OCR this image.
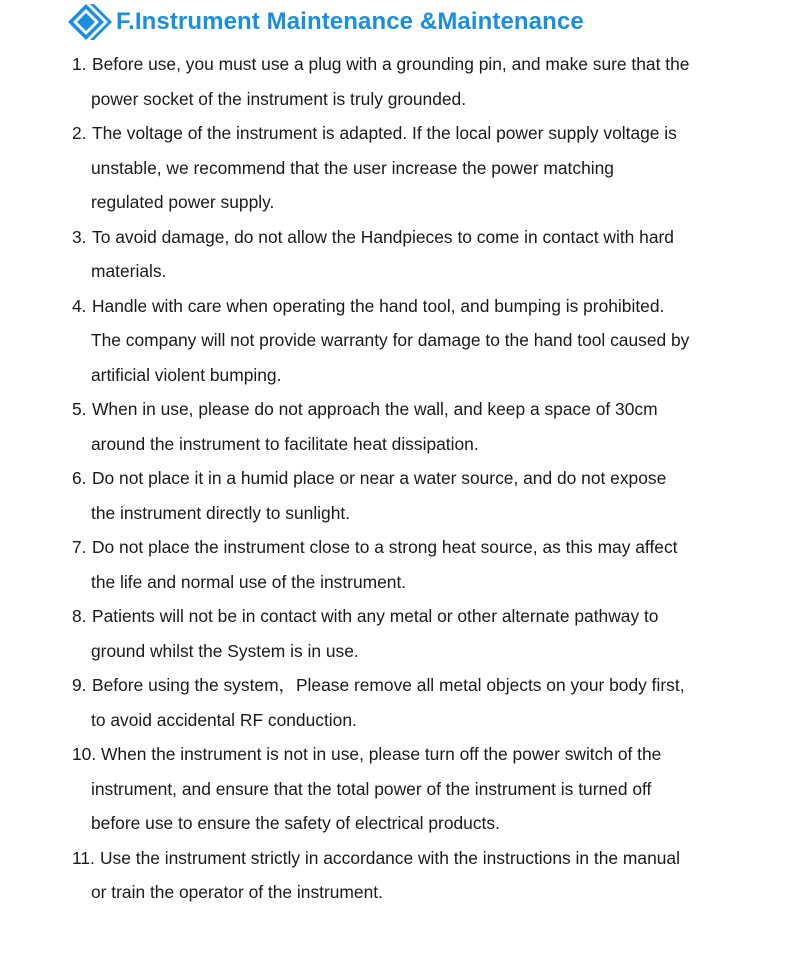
F.Instrument Maintenance &Maintenance
1. Before use, you must use a plug with a grounding pin, and make sure that the
power socket of the instrument is truly grounded.
2. The voltage of the instrument is adapted. If the local power supply voltage is
unstable, we recommend that the user increase the power matching
regulated power supply.
3. To avoid damage, do not allow the Handpieces to come in contact with hard
materials.
4. Handle with care when operating the hand tool, and bumping is prohibited.
The company will not provide warranty for damage to the hand tool caused by
artificial violent bumping.
5. When in use, please do not approach the wall, and keep a space of 30cm
around the instrument to facilitate heat dissipation.
6. Do not place it in a humid place or near a water source, and do not expose
the instrument directly to sunlight.
7. Do not place the instrument close to a strong heat source, as this may affect
the life and normal use of the instrument.
8. Patients will not be in contact with any metal or other alternate pathway to
ground whilst the System is in use.
9. Before using the system，Please remove all metal objects on your body first,
to avoid accidental RF conduction.
10. When the instrument is not in use, please turn off the power switch of the
instrument, and ensure that the total power of the instrument is turned off
before use to ensure the safety of electrical products.
11. Use the instrument strictly in accordance with the instructions in the manual
or train the operator of the instrument.
